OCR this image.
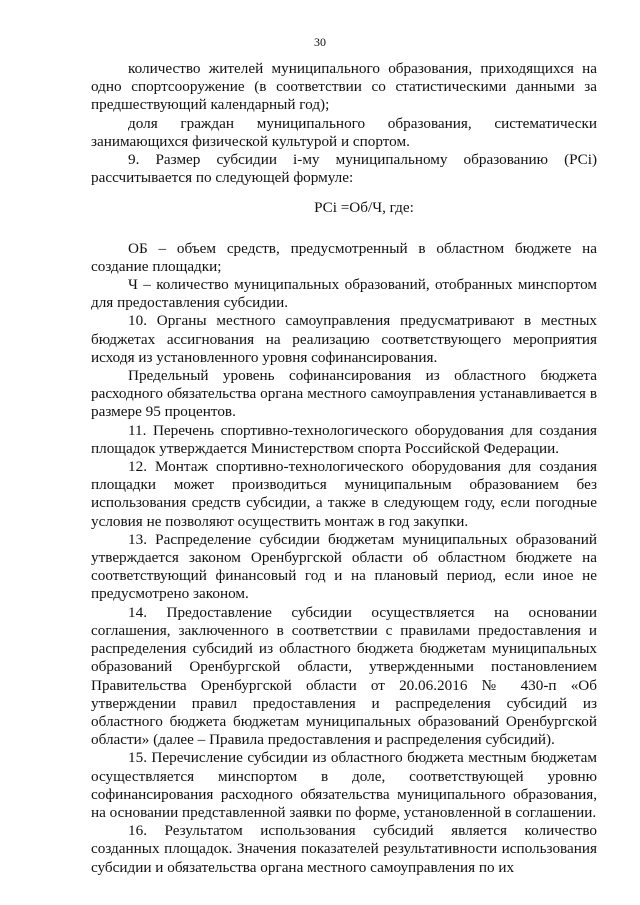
30

количество жителей муниципального образования, приходящихся на одно спортсооружение (в соответствии со статистическими данными за предшествующий календарный год);

доля граждан муниципального образования, систематически занимающихся физической культурой и спортом.

9. Размер субсидии i-му муниципальному образованию (PCi) рассчитывается по следующей формуле:

PCi =Об/Ч, где:

ОБ – объем средств, предусмотренный в областном бюджете на создание площадки;

Ч – количество муниципальных образований, отобранных минспортом для предоставления субсидии.

10. Органы местного самоуправления предусматривают в местных бюджетах ассигнования на реализацию соответствующего мероприятия исходя из установленного уровня софинансирования.

Предельный уровень софинансирования из областного бюджета расходного обязательства органа местного самоуправления устанавливается в размере 95 процентов.

11. Перечень спортивно-технологического оборудования для создания площадок утверждается Министерством спорта Российской Федерации.

12. Монтаж спортивно-технологического оборудования для создания площадки может производиться муниципальным образованием без использования средств субсидии, а также в следующем году, если погодные условия не позволяют осуществить монтаж в год закупки.

13. Распределение субсидии бюджетам муниципальных образований утверждается законом Оренбургской области об областном бюджете на соответствующий финансовый год и на плановый период, если иное не предусмотрено законом.

14. Предоставление субсидии осуществляется на основании соглашения, заключенного в соответствии с правилами предоставления и распределения субсидий из областного бюджета бюджетам муниципальных образований Оренбургской области, утвержденными постановлением Правительства Оренбургской области от 20.06.2016 № 430-п «Об утверждении правил предоставления и распределения субсидий из областного бюджета бюджетам муниципальных образований Оренбургской области» (далее – Правила предоставления и распределения субсидий).

15. Перечисление субсидии из областного бюджета местным бюджетам осуществляется минспортом в доле, соответствующей уровню софинансирования расходного обязательства муниципального образования, на основании представленной заявки по форме, установленной в соглашении.

16. Результатом использования субсидий является количество созданных площадок. Значения показателей результативности использования субсидии и обязательства органа местного самоуправления по их
